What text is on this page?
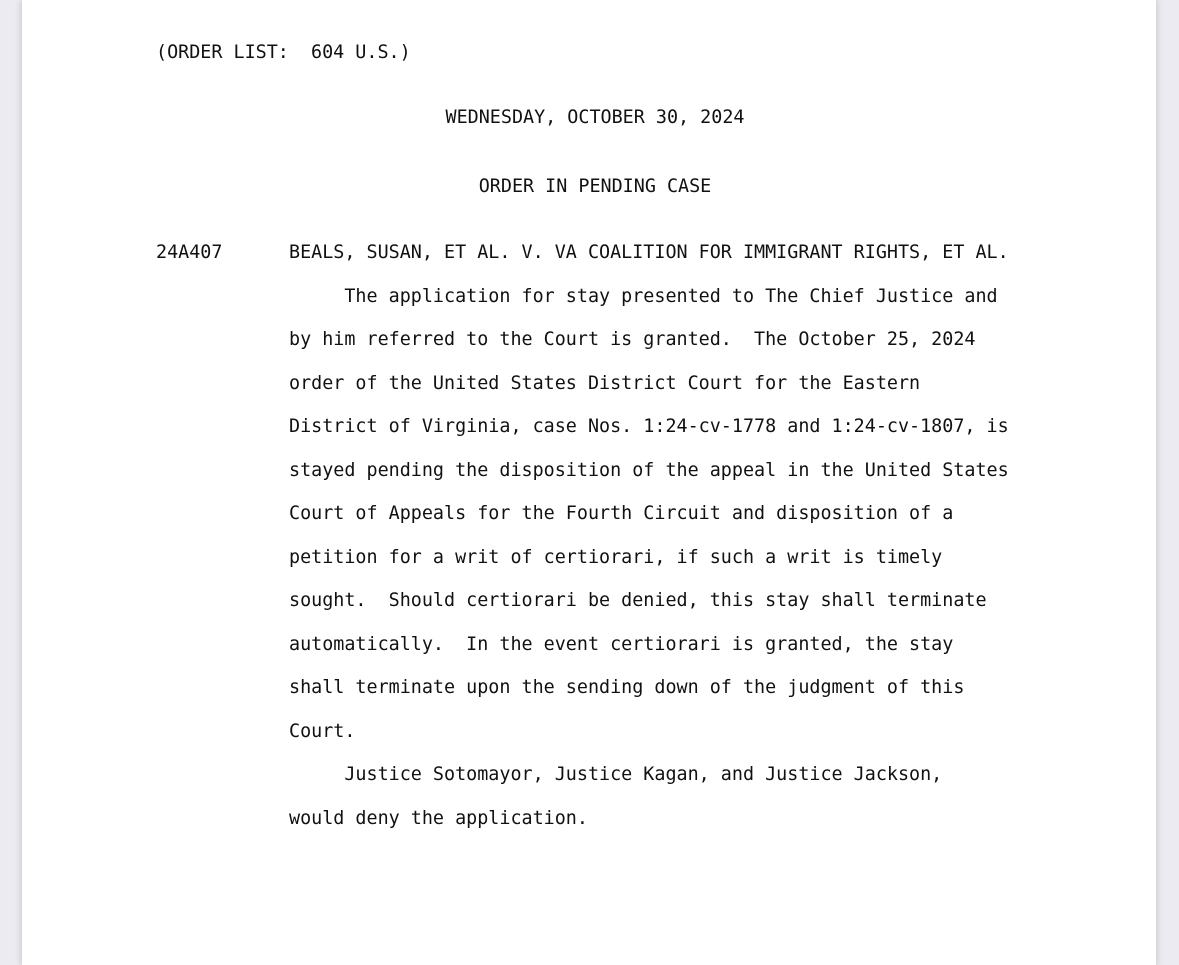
(ORDER LIST:  604 U.S.)
WEDNESDAY, OCTOBER 30, 2024
ORDER IN PENDING CASE
24A407	BEALS, SUSAN, ET AL. V. VA COALITION FOR IMMIGRANT RIGHTS, ET AL.
The application for stay presented to The Chief Justice and
by him referred to the Court is granted.  The October 25, 2024
order of the United States District Court for the Eastern
District of Virginia, case Nos. 1:24-cv-1778 and 1:24-cv-1807, is
stayed pending the disposition of the appeal in the United States
Court of Appeals for the Fourth Circuit and disposition of a
petition for a writ of certiorari, if such a writ is timely
sought.  Should certiorari be denied, this stay shall terminate
automatically.  In the event certiorari is granted, the stay
shall terminate upon the sending down of the judgment of this
Court.
Justice Sotomayor, Justice Kagan, and Justice Jackson,
would deny the application.
